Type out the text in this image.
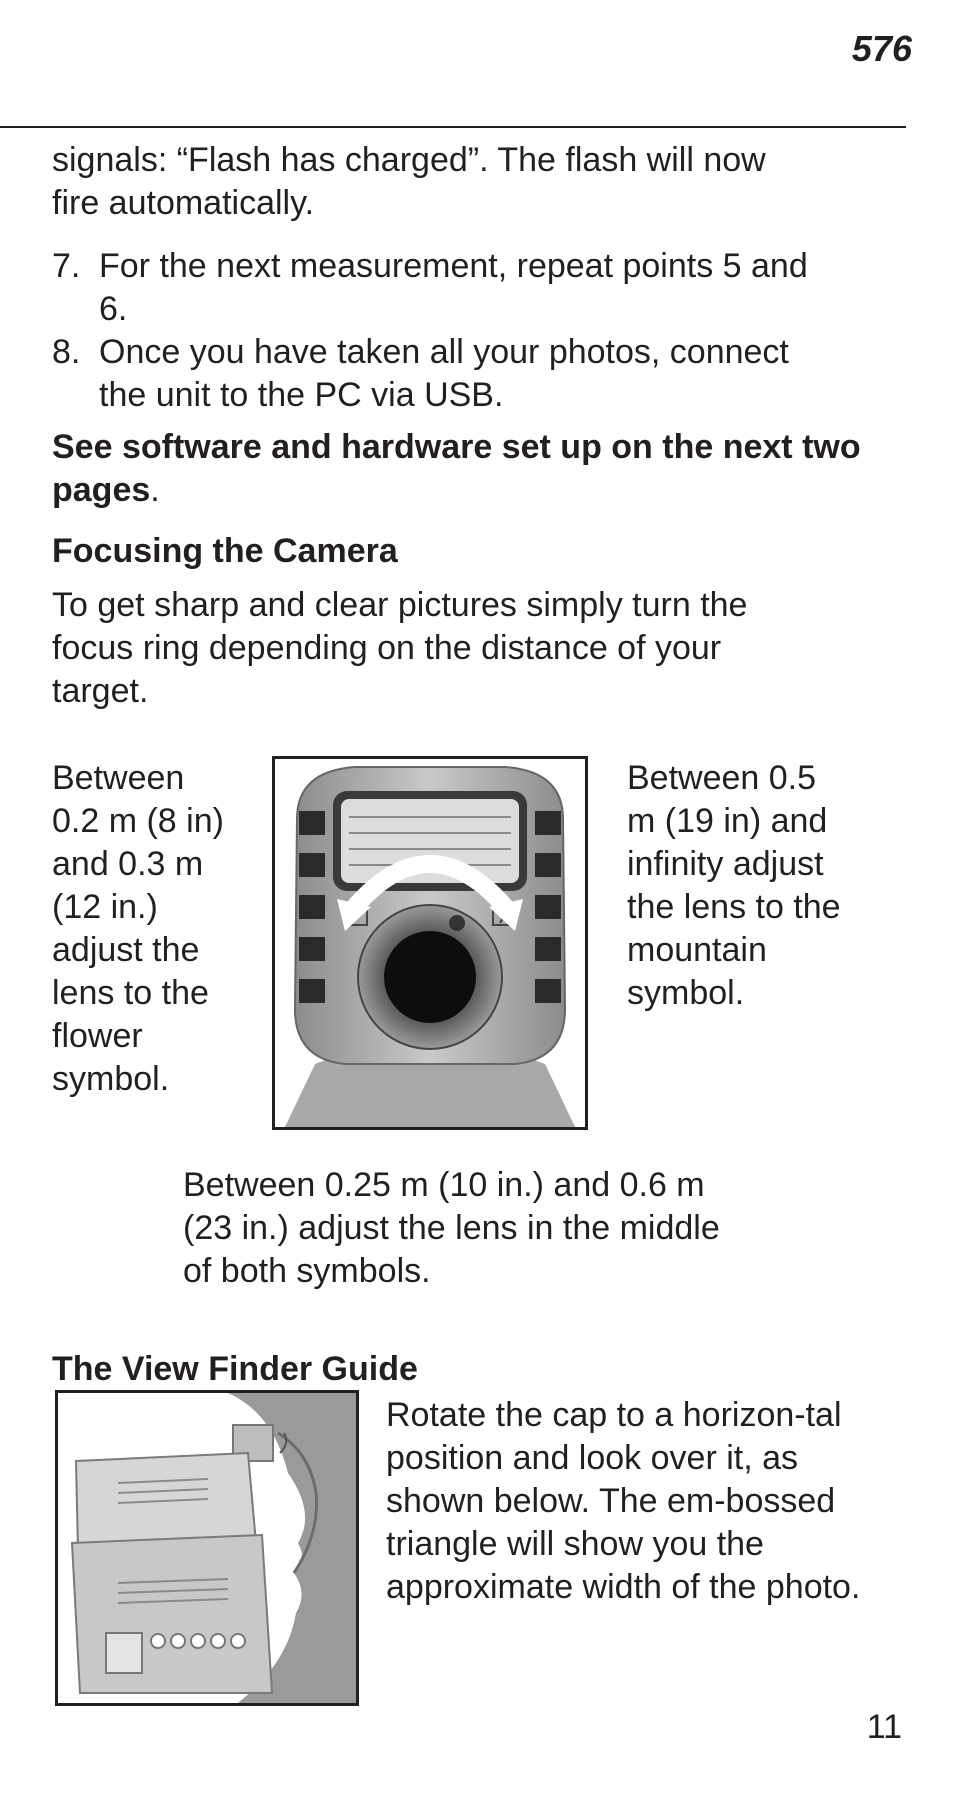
576

signals: “Flash has charged”. The flash will now fire automatically.

7. For the next measurement, repeat points 5 and 6.
8. Once you have taken all your photos, connect the unit to the PC via USB.

See software and hardware set up on the next two pages.

Focusing the Camera

To get sharp and clear pictures simply turn the focus ring depending on the distance of your target.

Between 0.2 m (8 in) and 0.3 m (12 in.) adjust the lens to the flower symbol.

Between 0.5 m (19 in) and infinity adjust the lens to the mountain symbol.

Between 0.25 m (10 in.) and 0.6 m (23 in.) adjust the lens in the middle of both symbols.

The View Finder Guide

Rotate the cap to a horizon-tal position and look over it, as shown below. The em-bossed triangle will show you the approximate width of the photo.

11
